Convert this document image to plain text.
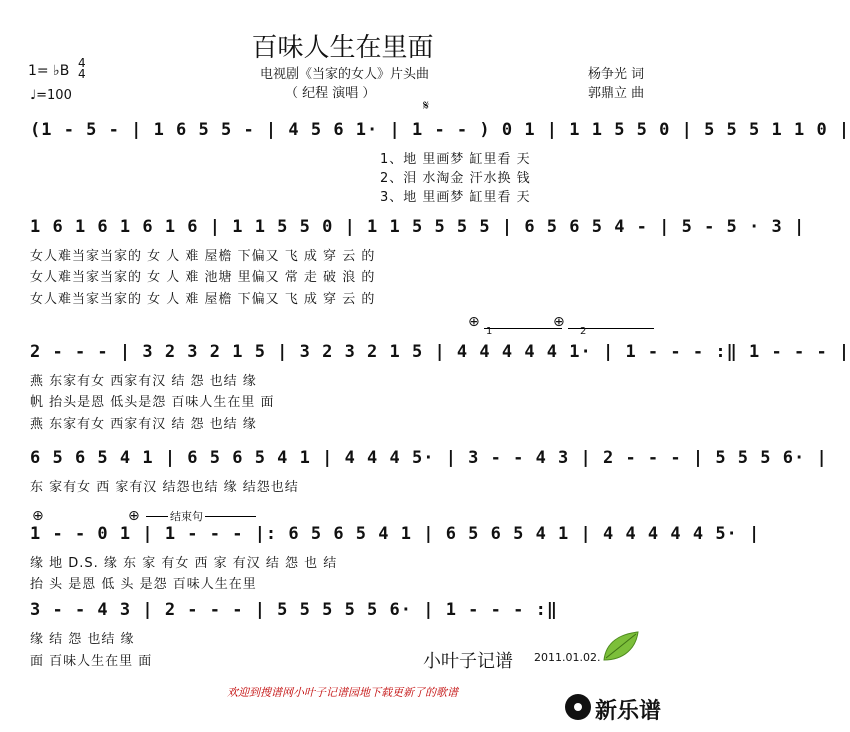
百味人生在里面
1= ♭B 4
4
♩=100
电视剧《当家的女人》片头曲
（ 纪程 演唱 ）
杨争光 词
郭鼎立 曲
𝄋
(1 - 5 - | 1 6 5 5 - | 4 5 6 1· | 1 - - ) 0 1 | 1 1 5 5 0 | 5 5 5 1 1 0 |
1、地 里画梦 缸里看 天
2、泪 水淘金 汗水换 钱
3、地 里画梦 缸里看 天
1 6 1 6 1 6 1 6 | 1 1 5 5 0 | 1 1 5 5 5 5 | 6 5 6 5 4 - | 5 - 5 · 3 |
女人难当家当家的 女 人 难 屋檐 下偏又 飞 成 穿 云 的
女人难当家当家的 女 人 难 池塘 里偏又 常 走 破 浪 的
女人难当家当家的 女 人 难 屋檐 下偏又 飞 成 穿 云 的
⊕	⊕
1	2
2 - - - | 3 2 3 2 1 5 | 3 2 3 2 1 5 | 4 4 4 4 4 1· | 1 - - - :‖ 1 - - - |
燕 东家有女 西家有汉 结 怨 也结 缘
帆 抬头是恩 低头是怨 百味人生在里 面
燕 东家有女 西家有汉 结 怨 也结 缘
6 5 6 5 4 1 | 6 5 6 5 4 1 | 4 4 4 5· | 3 - - 4 3 | 2 - - - | 5 5 5 6· |
东 家有女 西 家有汉 结怨也结 缘 结怨也结
⊕	⊕	结束句
1 - - 0 1 | 1 - - - |: 6 5 6 5 4 1 | 6 5 6 5 4 1 | 4 4 4 4 4 5· |
缘 地 D.S. 缘 东 家 有女 西 家 有汉 结 怨 也 结
抬 头 是恩 低 头 是怨 百味人生在里
3 - - 4 3 | 2 - - - | 5 5 5 5 5 6· | 1 - - - :‖
缘 结 怨 也结 缘
面 百味人生在里 面	小叶子记谱 2011.01.02.
欢迎到搜谱网小叶子记谱园地下载更新了的歌谱
新乐谱
